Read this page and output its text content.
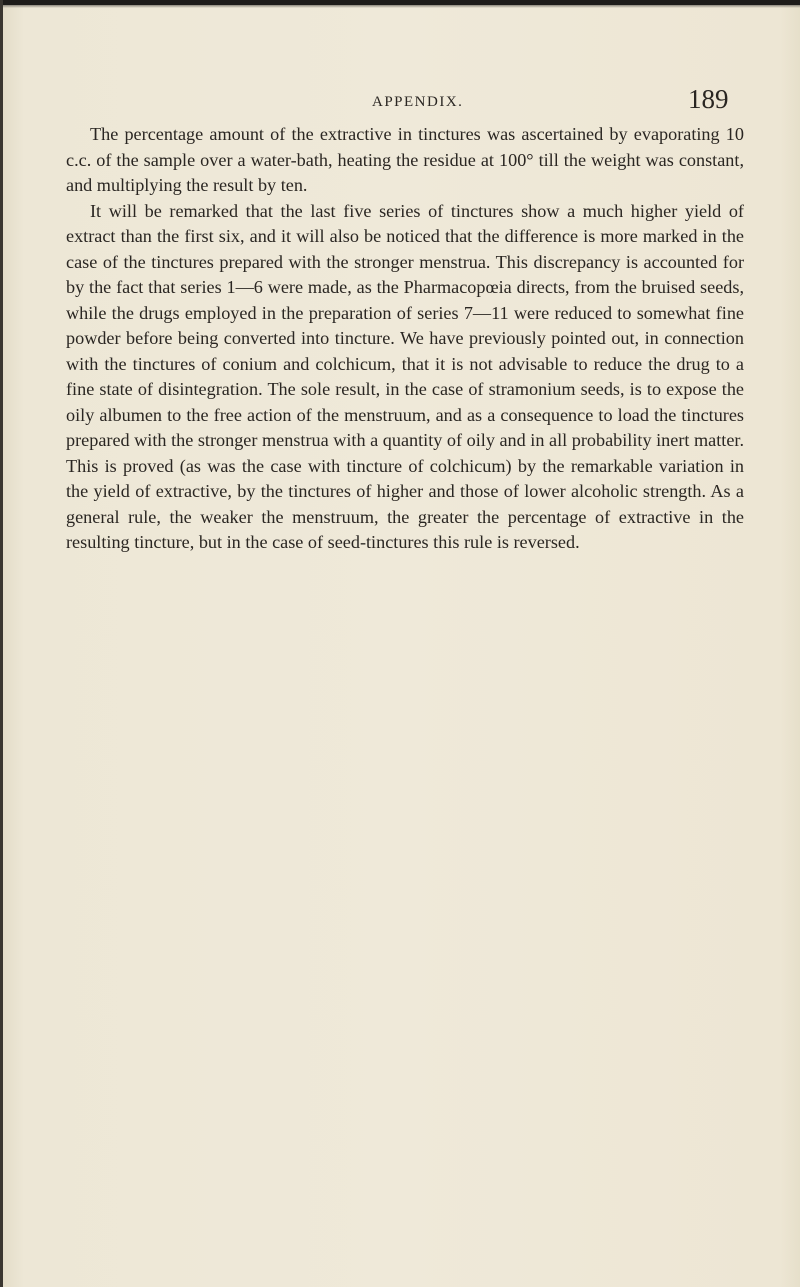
APPENDIX.	189

The percentage amount of the extractive in tinctures was ascertained by evaporating 10 c.c. of the sample over a water-bath, heating the residue at 100° till the weight was constant, and multiplying the result by ten.

It will be remarked that the last five series of tinctures show a much higher yield of extract than the first six, and it will also be noticed that the difference is more marked in the case of the tinctures prepared with the stronger menstrua. This discrepancy is accounted for by the fact that series 1—6 were made, as the Pharmacopœia directs, from the bruised seeds, while the drugs employed in the preparation of series 7—11 were reduced to somewhat fine powder before being converted into tincture. We have previously pointed out, in connection with the tinctures of conium and colchicum, that it is not advisable to reduce the drug to a fine state of disintegration. The sole result, in the case of stramonium seeds, is to expose the oily albumen to the free action of the menstruum, and as a consequence to load the tinctures prepared with the stronger menstrua with a quantity of oily and in all probability inert matter. This is proved (as was the case with tincture of colchicum) by the remarkable variation in the yield of extractive, by the tinctures of higher and those of lower alcoholic strength. As a general rule, the weaker the menstruum, the greater the percentage of extractive in the resulting tincture, but in the case of seed-tinctures this rule is reversed.
